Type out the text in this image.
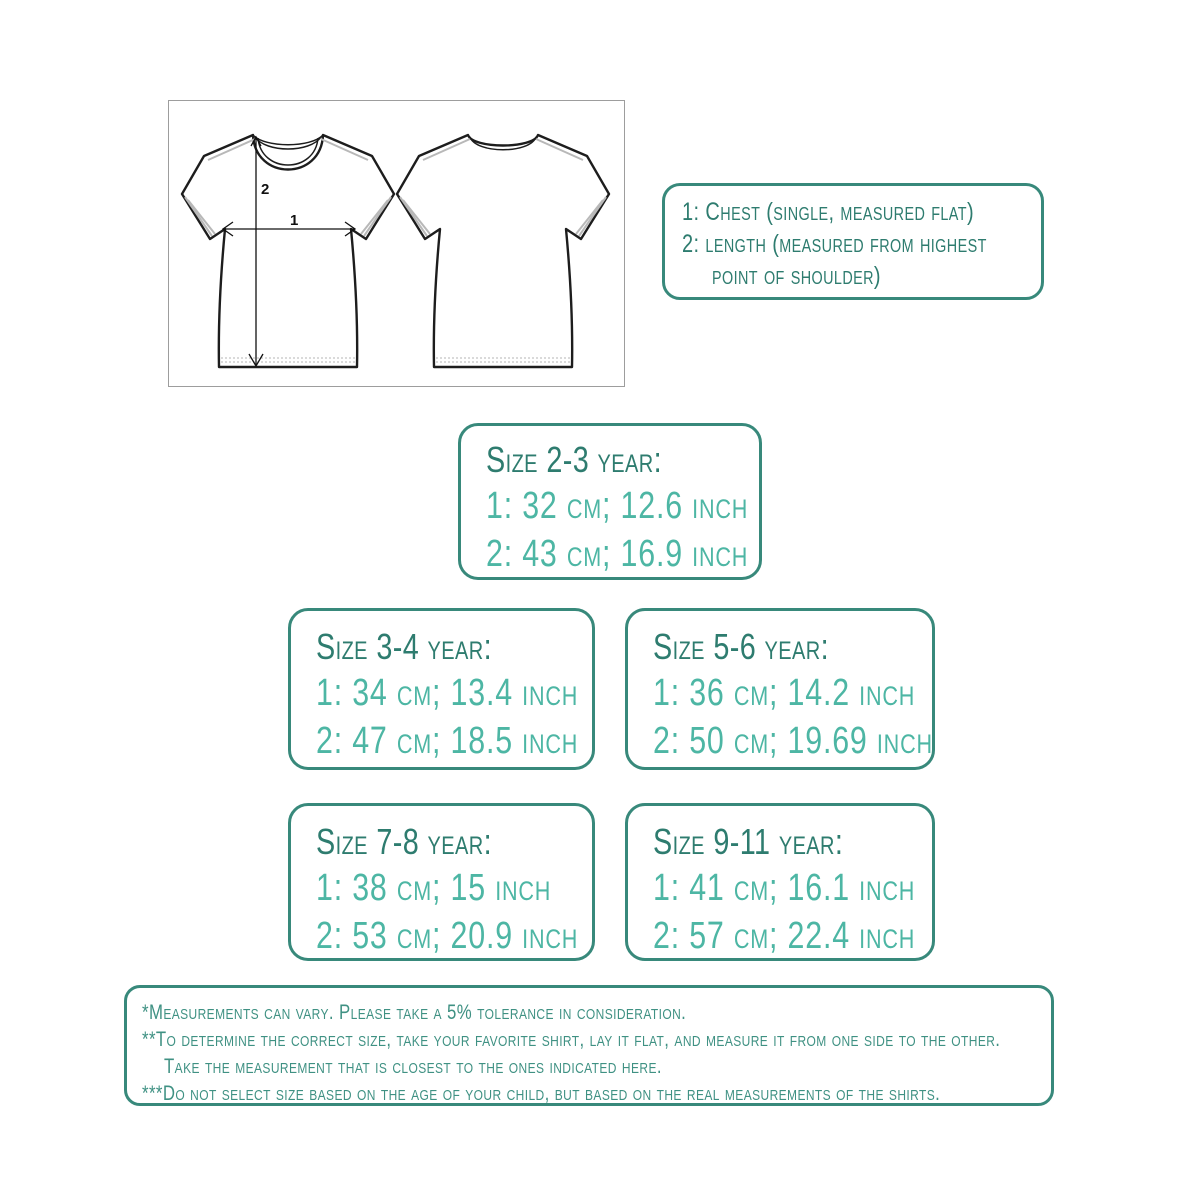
2
1	1: Chest (single, measured flat)
2: length (measured from highest
point of shoulder)
Size 2-3 year:
1: 32 cm; 12.6 inch
2: 43 cm; 16.9 inch
Size 3-4 year:
1: 34 cm; 13.4 inch
2: 47 cm; 18.5 inch
Size 5-6 year:
1: 36 cm; 14.2 inch
2: 50 cm; 19.69 inch
Size 7-8 year:
1: 38 cm; 15 inch
2: 53 cm; 20.9 inch
Size 9-11 year:
1: 41 cm; 16.1 inch
2: 57 cm; 22.4 inch
*Measurements can vary. Please take a 5% tolerance in consideration.
**To determine the correct size, take your favorite shirt, lay it flat, and measure it from one side to the other.
Take the measurement that is closest to the ones indicated here.
***Do not select size based on the age of your child, but based on the real measurements of the shirts.
